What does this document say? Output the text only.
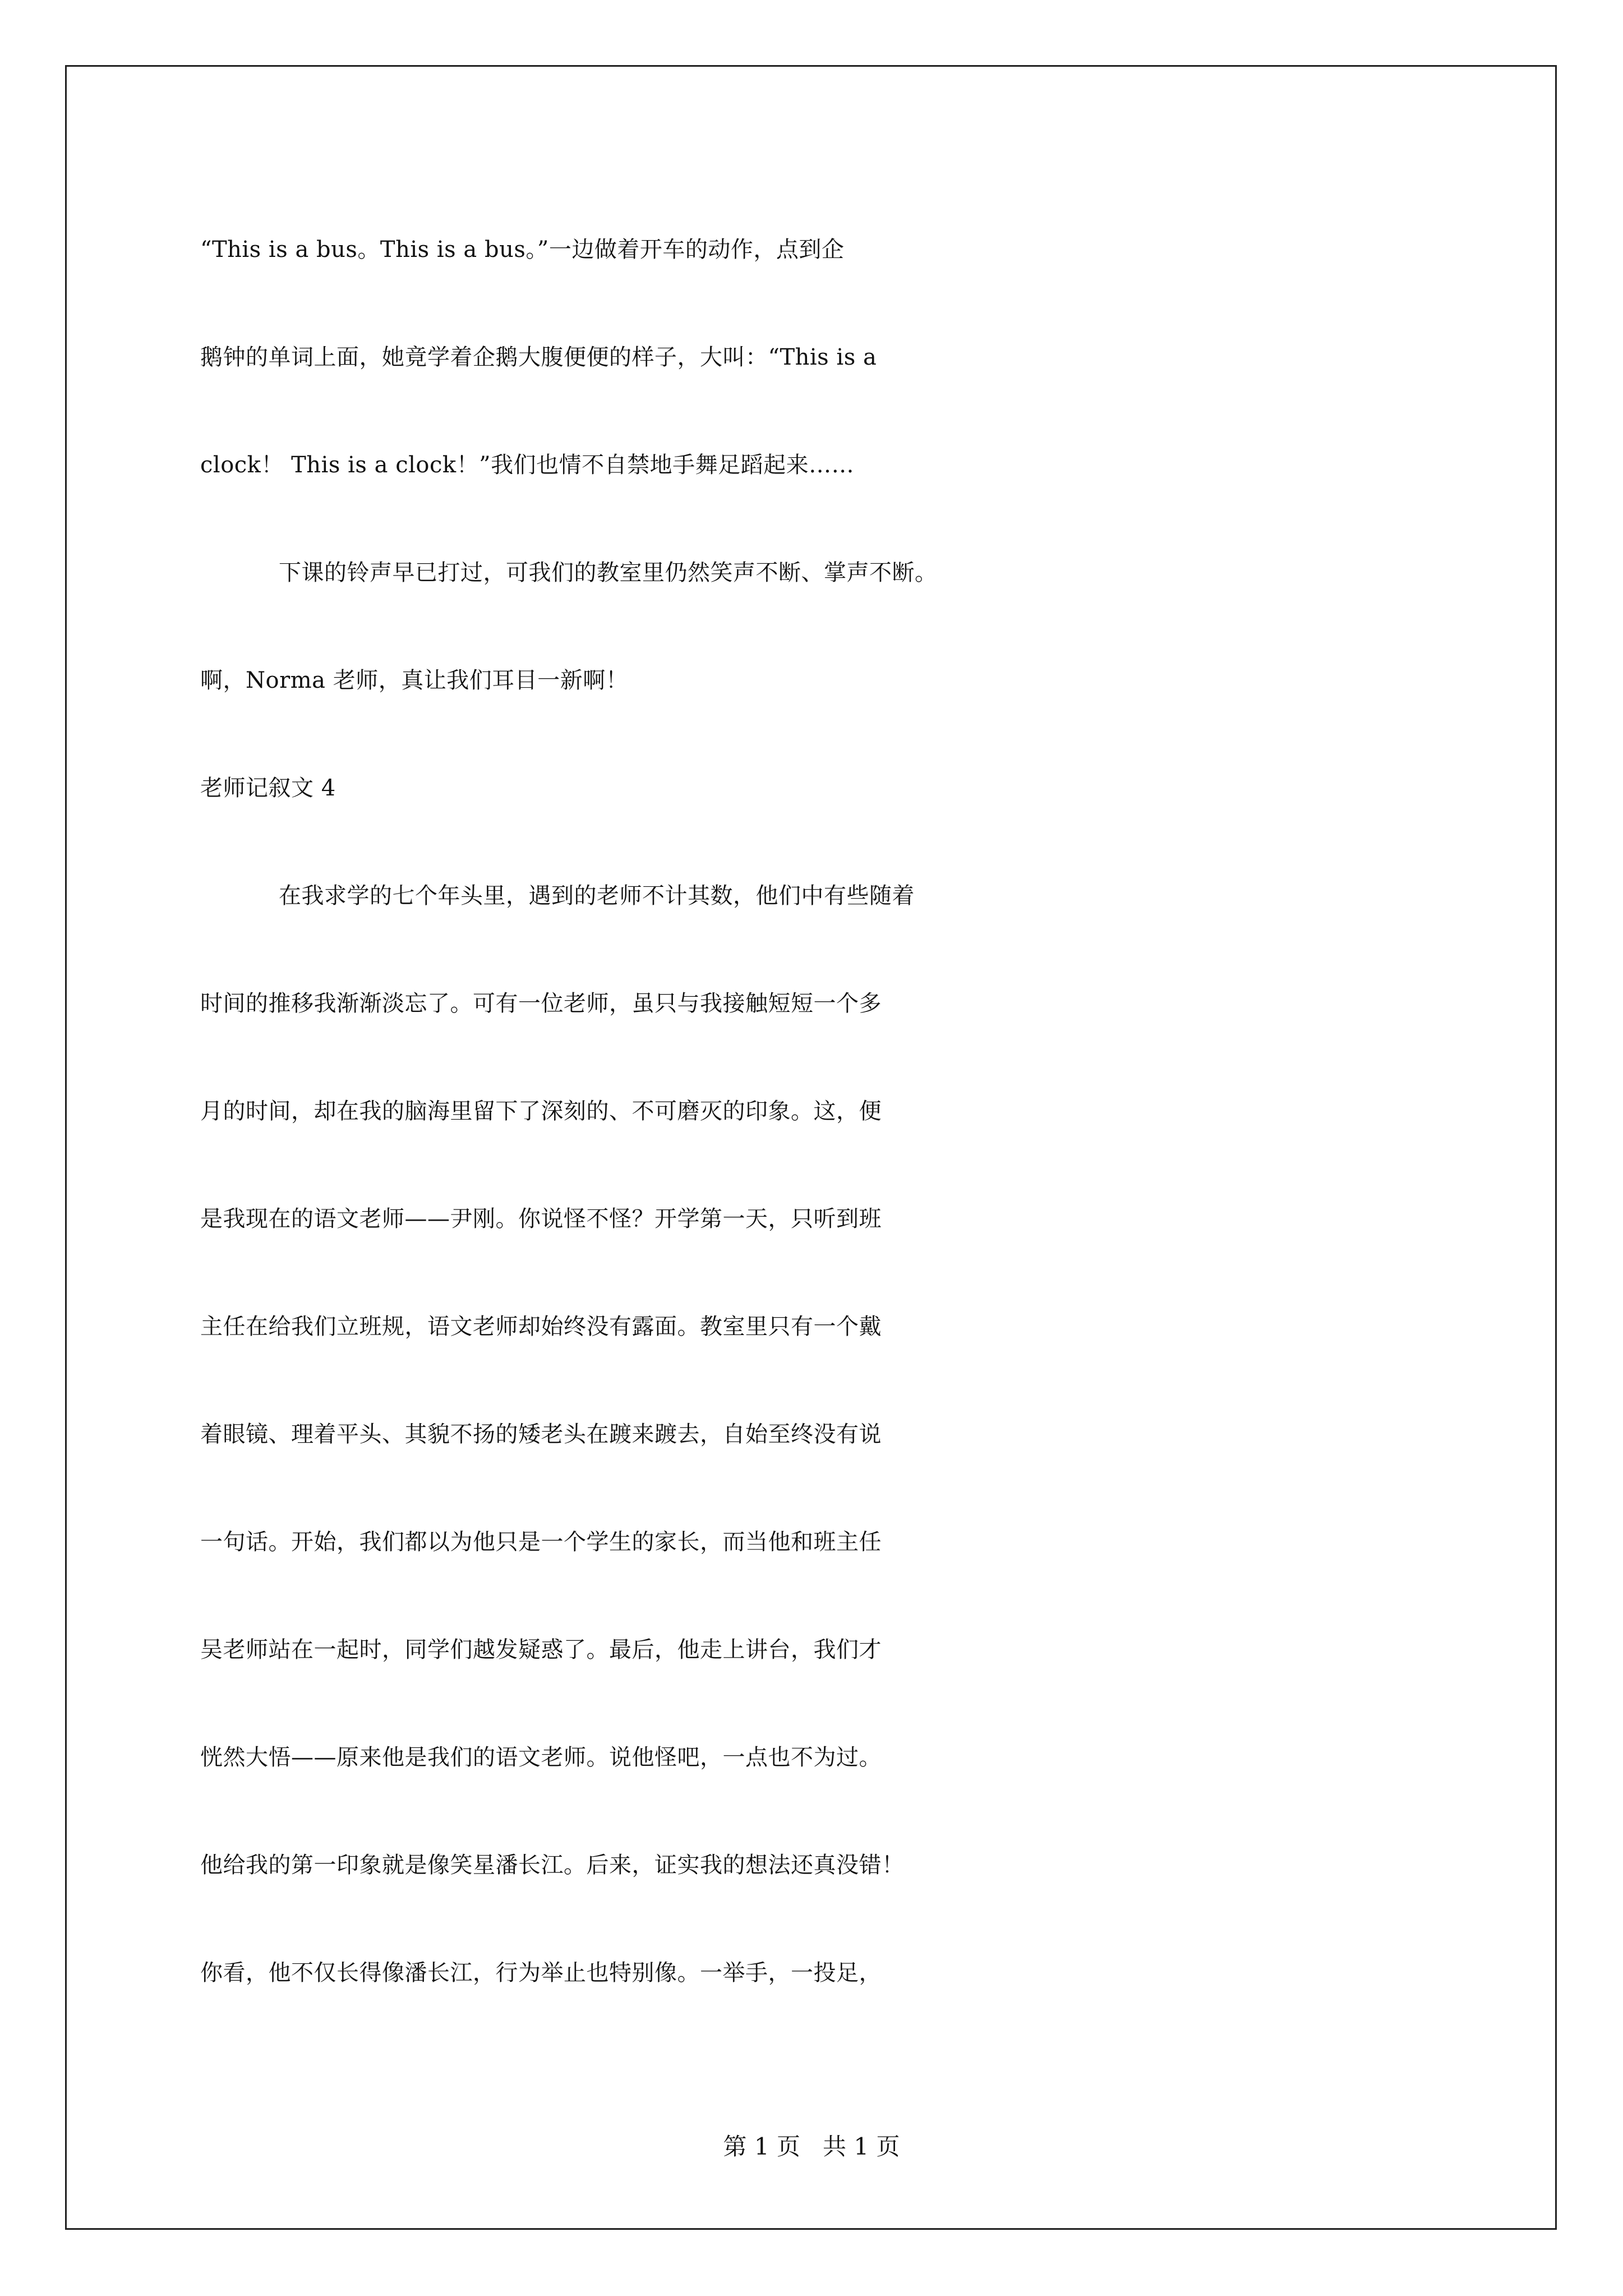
“This is a bus。This is a bus。”一边做着开车的动作，点到企
鹅钟的单词上面，她竟学着企鹅大腹便便的样子，大叫：“This is a
clock！ This is a clock！”我们也情不自禁地手舞足蹈起来……
下课的铃声早已打过，可我们的教室里仍然笑声不断、掌声不断。
啊，Norma 老师，真让我们耳目一新啊！
老师记叙文 4
在我求学的七个年头里，遇到的老师不计其数，他们中有些随着
时间的推移我渐渐淡忘了。可有一位老师，虽只与我接触短短一个多
月的时间，却在我的脑海里留下了深刻的、不可磨灭的印象。这，便
是我现在的语文老师——尹刚。你说怪不怪？开学第一天，只听到班
主任在给我们立班规，语文老师却始终没有露面。教室里只有一个戴
着眼镜、理着平头、其貌不扬的矮老头在踱来踱去，自始至终没有说
一句话。开始，我们都以为他只是一个学生的家长，而当他和班主任
吴老师站在一起时，同学们越发疑惑了。最后，他走上讲台，我们才
恍然大悟——原来他是我们的语文老师。说他怪吧，一点也不为过。
他给我的第一印象就是像笑星潘长江。后来，证实我的想法还真没错！
你看，他不仅长得像潘长江，行为举止也特别像。一举手，一投足，
第 1 页   共 1 页
